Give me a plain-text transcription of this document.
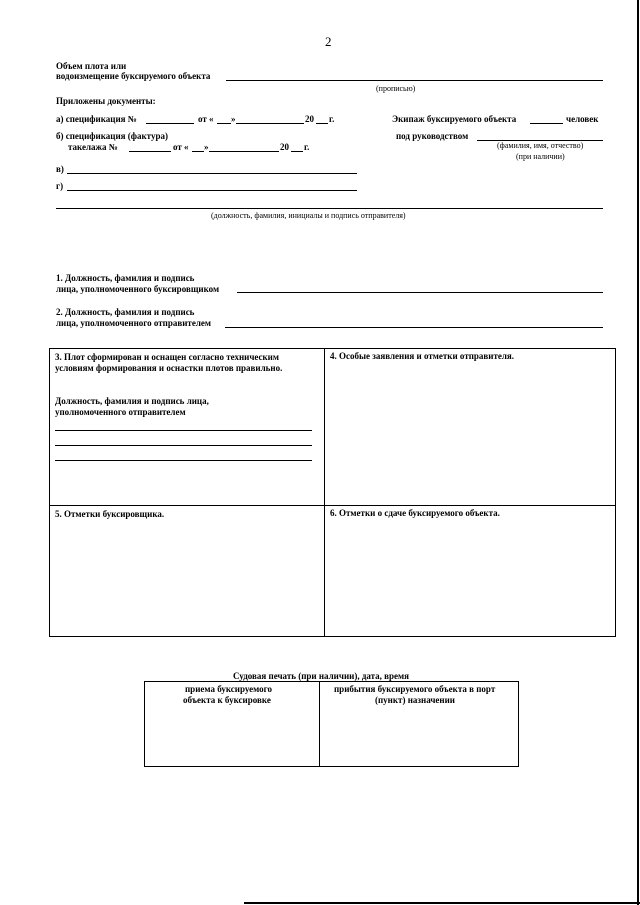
2
Объем плота или
водоизмещение буксируемого объекта
(прописью)
Приложены документы:
а) спецификация №	от « »	20 г.
б) спецификация (фактура)
такелажа №	от « »	20 г.
в)
г)
Экипаж буксируемого объекта	человек
под руководством
(фамилия, имя, отчество)
(при наличии)
(должность, фамилия, инициалы и подпись отправителя)
1. Должность, фамилия и подпись
лица, уполномоченного буксировщиком
2. Должность, фамилия и подпись
лица, уполномоченного отправителем
3. Плот сформирован и оснащен согласно техническим
условиям формирования и оснастки плотов правильно.
Должность, фамилия и подпись лица,
уполномоченного отправителем
4. Особые заявления и отметки отправителя.
5. Отметки буксировщика.	6. Отметки о сдаче буксируемого объекта.
Судовая печать (при наличии), дата, время
приема буксируемого
объекта к буксировке
прибытия буксируемого объекта в порт
(пункт) назначении
